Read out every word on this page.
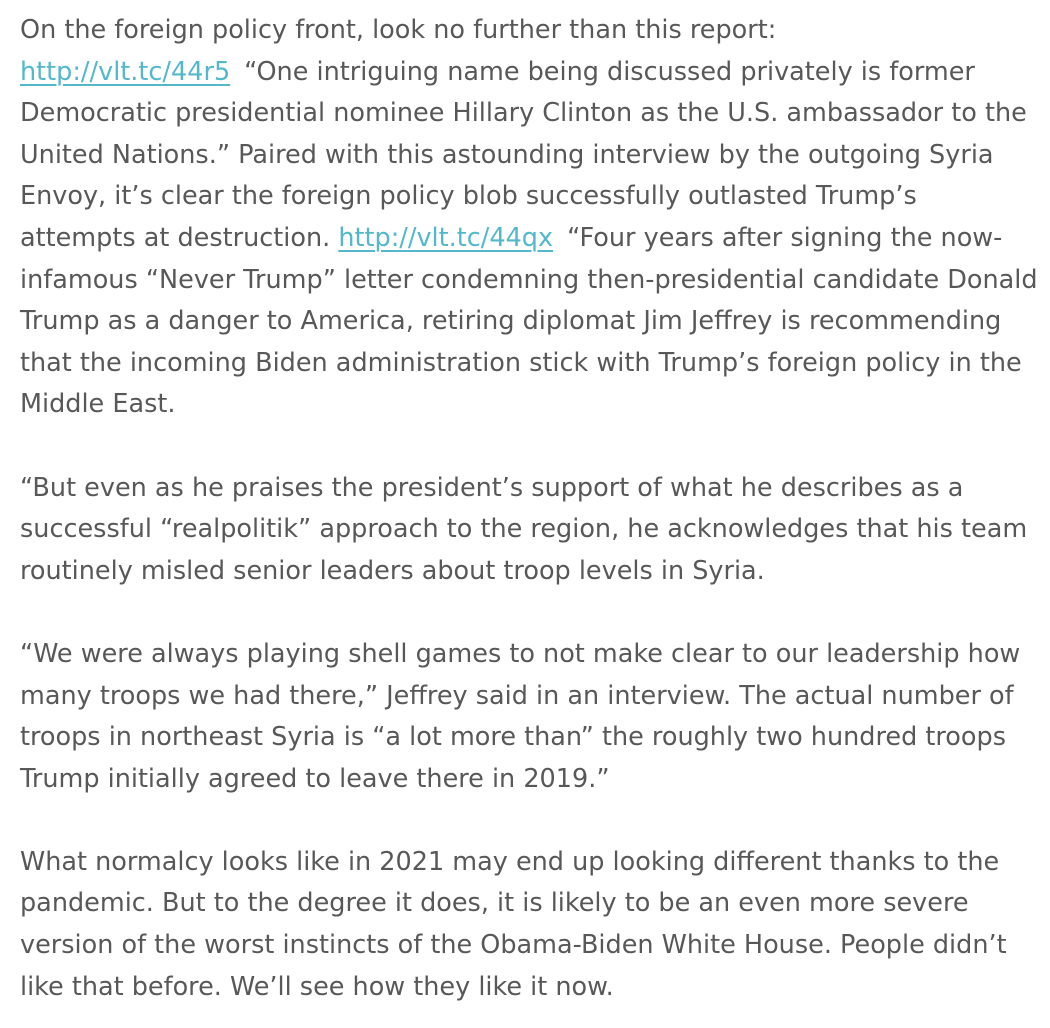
On the foreign policy front, look no further than this report:
http://vlt.tc/44r5 “One intriguing name being discussed privately is former Democratic presidential nominee Hillary Clinton as the U.S. ambassador to the United Nations.” Paired with this astounding interview by the outgoing Syria Envoy, it’s clear the foreign policy blob successfully outlasted Trump’s attempts at destruction. http://vlt.tc/44qx “Four years after signing the now-infamous “Never Trump” letter condemning then-presidential candidate Donald Trump as a danger to America, retiring diplomat Jim Jeffrey is recommending that the incoming Biden administration stick with Trump’s foreign policy in the Middle East.

“But even as he praises the president’s support of what he describes as a successful “realpolitik” approach to the region, he acknowledges that his team routinely misled senior leaders about troop levels in Syria.

“We were always playing shell games to not make clear to our leadership how many troops we had there,” Jeffrey said in an interview. The actual number of troops in northeast Syria is “a lot more than” the roughly two hundred troops Trump initially agreed to leave there in 2019.”

What normalcy looks like in 2021 may end up looking different thanks to the pandemic. But to the degree it does, it is likely to be an even more severe version of the worst instincts of the Obama-Biden White House. People didn’t like that before. We’ll see how they like it now.
